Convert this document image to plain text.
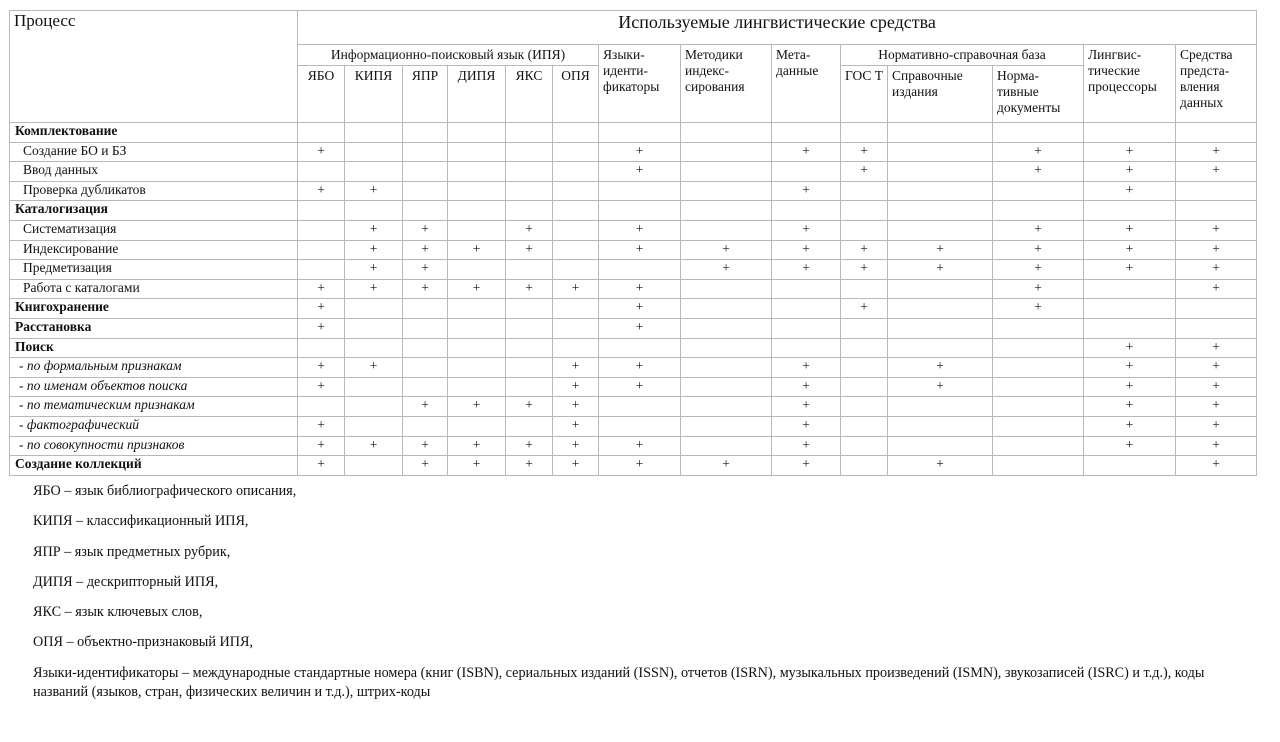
Процесс	Используемые лингвистические средства													
	Информационно-поисковый язык (ИПЯ)						Языки-иденти-фикаторы	Методики индекс-сирования	Мета-данные	Нормативно-справочная база			Лингвис-тические процессоры	Средства предста-вления данных
	ЯБО	КИПЯ	ЯПР	ДИПЯ	ЯКС	ОПЯ				ГОС Т	Справочные издания	Норма-тивные документы		
Комплектование														
Создание БО и БЗ	+						+		+	+		+	+	+
Ввод данных							+			+		+	+	+
Проверка дубликатов	+	+							+				+	
Каталогизация														
Систематизация		+	+		+		+		+			+	+	+
Индексирование		+	+	+	+		+	+	+	+	+	+	+	+
Предметизация		+	+					+	+	+	+	+	+	+
Работа с каталогами	+	+	+	+	+	+	+					+		+
Книгохранение	+						+			+		+		
Расстановка	+						+							
Поиск													+	+
- по формальным признакам	+	+				+	+		+		+		+	+
- по именам объектов поиска	+					+	+		+		+		+	+
- по тематическим признакам			+	+	+	+			+				+	+
- фактографический	+					+			+				+	+
- по совокупности признаков	+	+	+	+	+	+	+		+				+	+
Создание коллекций	+		+	+	+	+	+	+	+		+			+

ЯБО – язык библиографического описания,

КИПЯ – классификационный ИПЯ,

ЯПР – язык предметных рубрик,

ДИПЯ – дескрипторный ИПЯ,

ЯКС – язык ключевых слов,

ОПЯ – объектно-признаковый ИПЯ,

Языки-идентификаторы – международные стандартные номера (книг (ISBN), сериальных изданий (ISSN), отчетов (ISRN), музыкальных произведений (ISMN), звукозаписей (ISRC) и т.д.), коды названий (языков, стран, физических величин и т.д.), штрих-коды
